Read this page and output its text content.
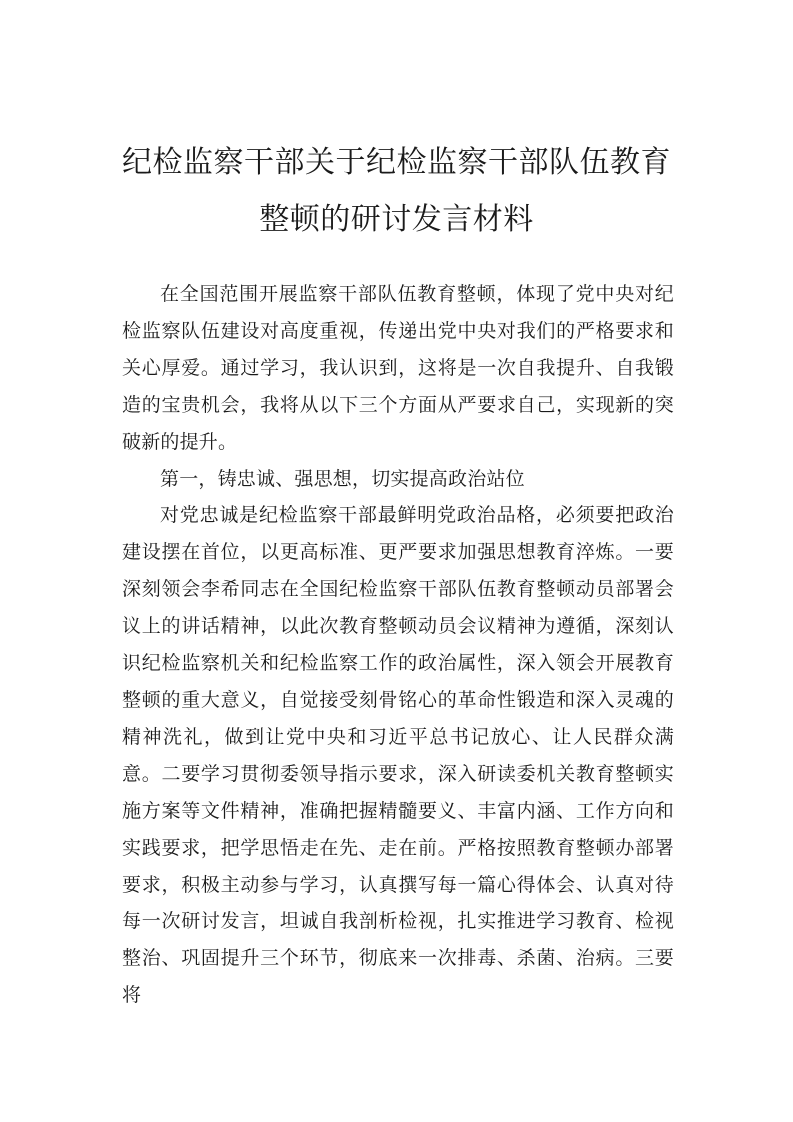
纪检监察干部关于纪检监察干部队伍教育
整顿的研讨发言材料

在全国范围开展监察干部队伍教育整顿，体现了党中央对纪检监察队伍建设对高度重视，传递出党中央对我们的严格要求和关心厚爱。通过学习，我认识到，这将是一次自我提升、自我锻造的宝贵机会，我将从以下三个方面从严要求自己，实现新的突破新的提升。

第一，铸忠诚、强思想，切实提高政治站位

对党忠诚是纪检监察干部最鲜明党政治品格，必须要把政治建设摆在首位，以更高标准、更严要求加强思想教育淬炼。一要深刻领会李希同志在全国纪检监察干部队伍教育整顿动员部署会议上的讲话精神，以此次教育整顿动员会议精神为遵循，深刻认识纪检监察机关和纪检监察工作的政治属性，深入领会开展教育整顿的重大意义，自觉接受刻骨铭心的革命性锻造和深入灵魂的精神洗礼，做到让党中央和习近平总书记放心、让人民群众满意。二要学习贯彻委领导指示要求，深入研读委机关教育整顿实施方案等文件精神，准确把握精髓要义、丰富内涵、工作方向和实践要求，把学思悟走在先、走在前。严格按照教育整顿办部署要求，积极主动参与学习，认真撰写每一篇心得体会、认真对待每一次研讨发言，坦诚自我剖析检视，扎实推进学习教育、检视整治、巩固提升三个环节，彻底来一次排毒、杀菌、治病。三要将
